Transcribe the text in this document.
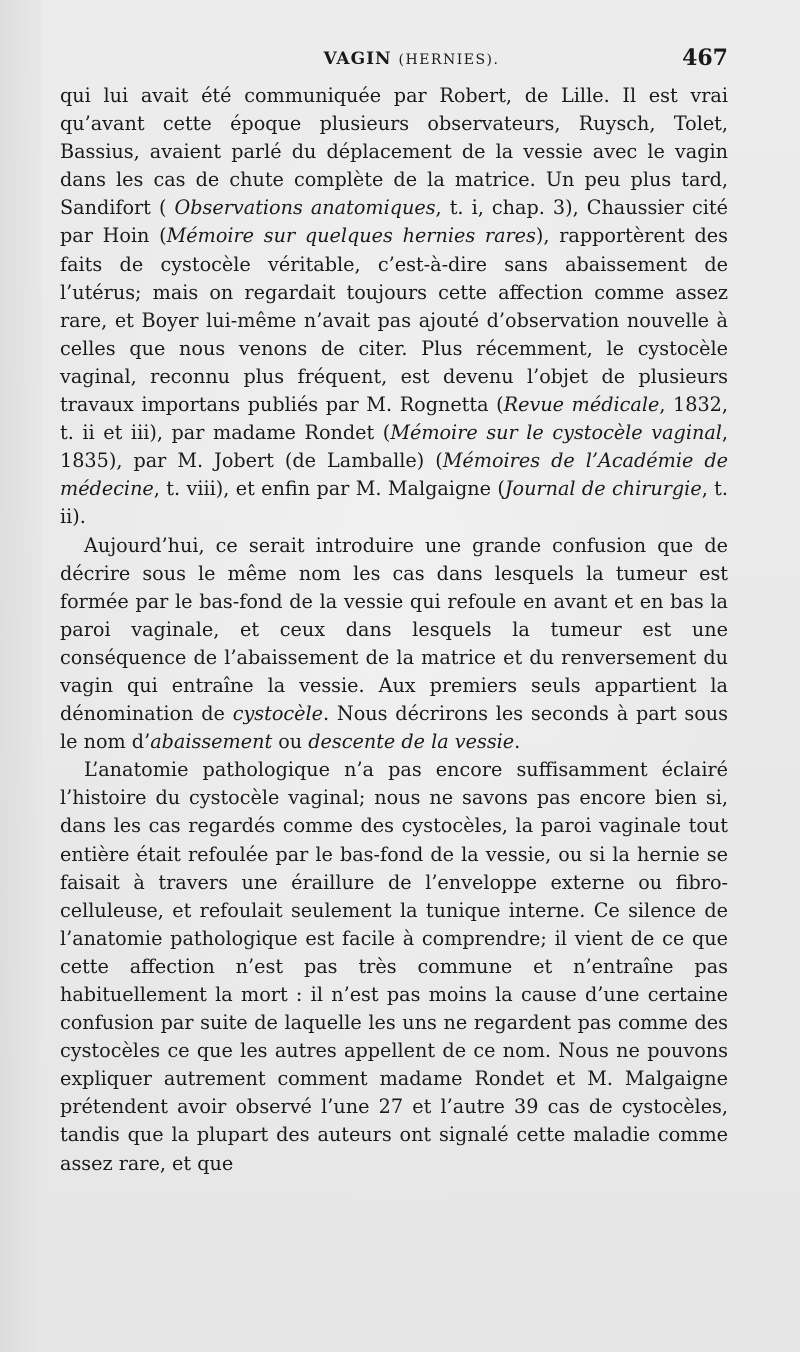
VAGIN (HERNIES).	467

qui lui avait été communiquée par Robert, de Lille. Il est vrai qu’avant cette époque plusieurs observateurs, Ruysch, Tolet, Bassius, avaient parlé du déplacement de la vessie avec le vagin dans les cas de chute complète de la matrice. Un peu plus tard, Sandifort ( Observations anatomiques, t. i, chap. 3), Chaussier cité par Hoin (Mémoire sur quelques hernies rares), rapportèrent des faits de cystocèle véritable, c’est-à-dire sans abaissement de l’utérus; mais on regardait toujours cette affection comme assez rare, et Boyer lui-même n’avait pas ajouté d’observation nouvelle à celles que nous venons de citer. Plus récemment, le cystocèle vaginal, reconnu plus fréquent, est devenu l’objet de plusieurs travaux importans publiés par M. Rognetta (Revue médicale, 1832, t. ii et iii), par madame Rondet (Mémoire sur le cystocèle vaginal, 1835), par M. Jobert (de Lamballe) (Mémoires de l’Académie de médecine, t. viii), et enfin par M. Malgaigne (Journal de chirurgie, t. ii).

Aujourd’hui, ce serait introduire une grande confusion que de décrire sous le même nom les cas dans lesquels la tumeur est formée par le bas-fond de la vessie qui refoule en avant et en bas la paroi vaginale, et ceux dans lesquels la tumeur est une conséquence de l’abaissement de la matrice et du renversement du vagin qui entraîne la vessie. Aux premiers seuls appartient la dénomination de cystocèle. Nous décrirons les seconds à part sous le nom d’abaissement ou descente de la vessie.

L’anatomie pathologique n’a pas encore suffisamment éclairé l’histoire du cystocèle vaginal; nous ne savons pas encore bien si, dans les cas regardés comme des cystocèles, la paroi vaginale tout entière était refoulée par le bas-fond de la vessie, ou si la hernie se faisait à travers une éraillure de l’enveloppe externe ou fibro-celluleuse, et refoulait seulement la tunique interne. Ce silence de l’anatomie pathologique est facile à comprendre; il vient de ce que cette affection n’est pas très commune et n’entraîne pas habituellement la mort : il n’est pas moins la cause d’une certaine confusion par suite de laquelle les uns ne regardent pas comme des cystocèles ce que les autres appellent de ce nom. Nous ne pouvons expliquer autrement comment madame Rondet et M. Malgaigne prétendent avoir observé l’une 27 et l’autre 39 cas de cystocèles, tandis que la plupart des auteurs ont signalé cette maladie comme assez rare, et que
